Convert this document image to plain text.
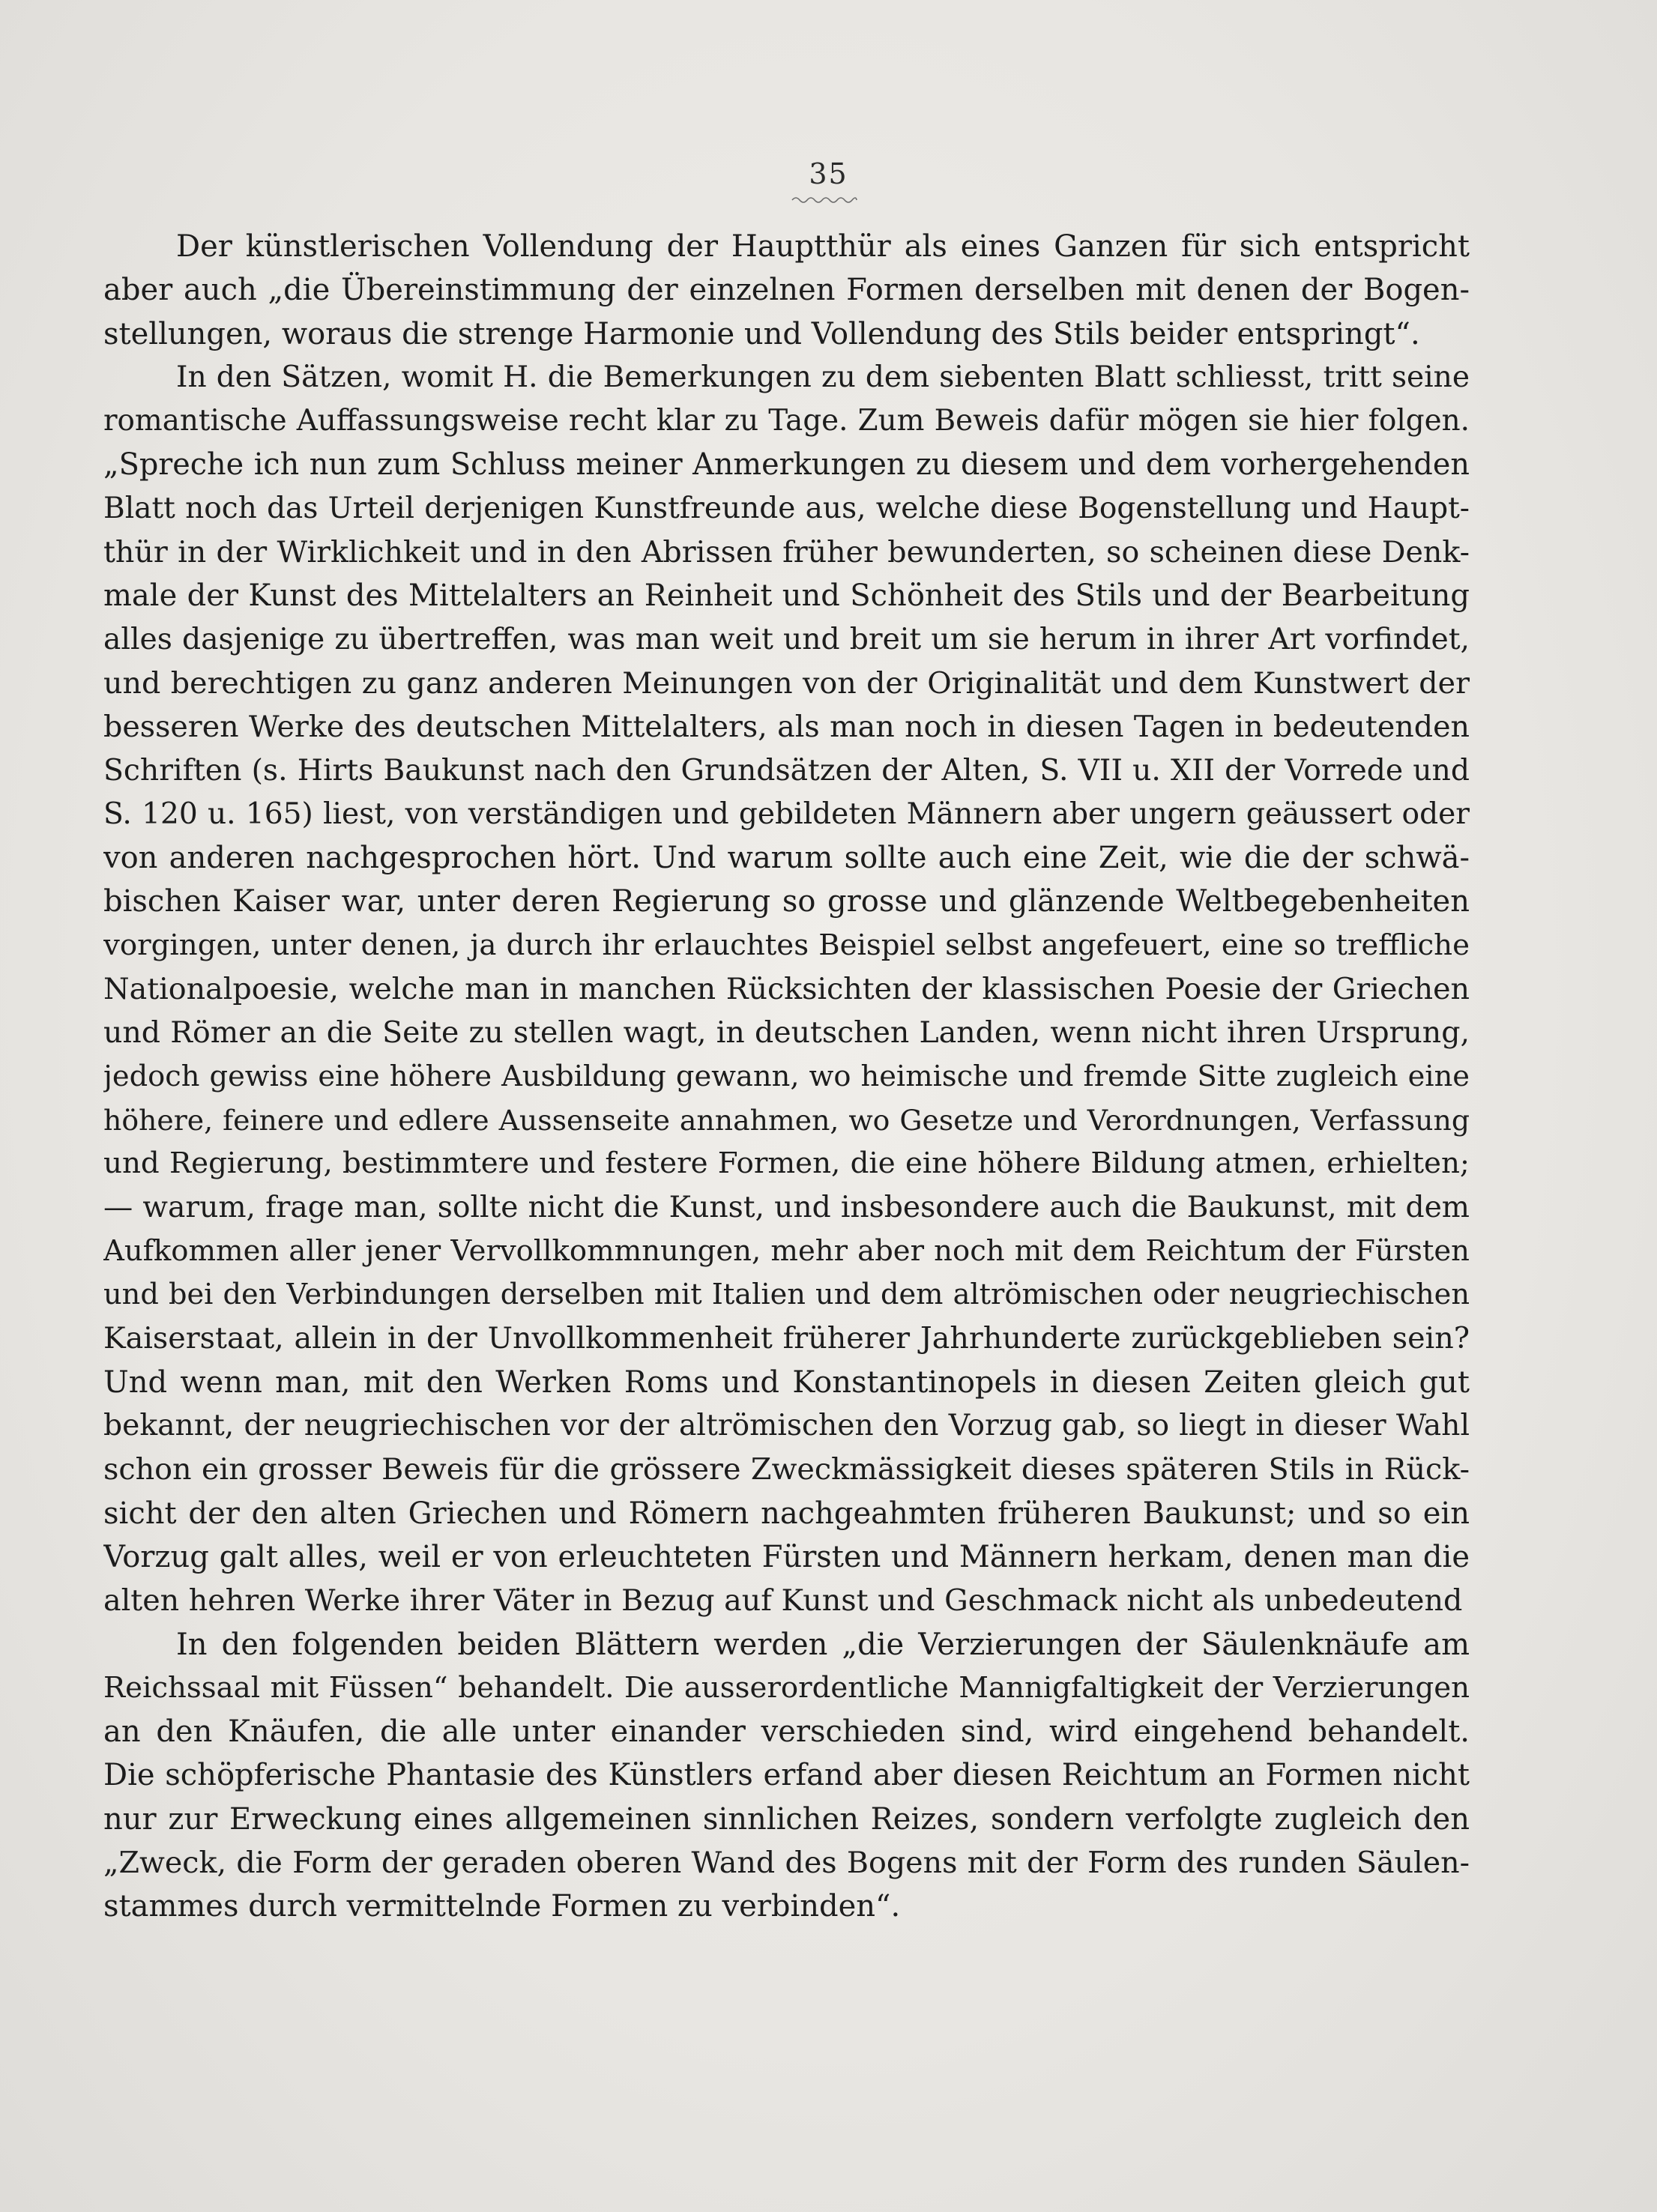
35
Der künstlerischen Vollendung der Hauptthür als eines Ganzen für sich entspricht
aber auch „die Übereinstimmung der einzelnen Formen derselben mit denen der Bogen-
stellungen, woraus die strenge Harmonie und Vollendung des Stils beider entspringt“.
In den Sätzen, womit H. die Bemerkungen zu dem siebenten Blatt schliesst, tritt seine
romantische Auffassungsweise recht klar zu Tage. Zum Beweis dafür mögen sie hier folgen.
„Spreche ich nun zum Schluss meiner Anmerkungen zu diesem und dem vorhergehenden
Blatt noch das Urteil derjenigen Kunstfreunde aus, welche diese Bogenstellung und Haupt-
thür in der Wirklichkeit und in den Abrissen früher bewunderten, so scheinen diese Denk-
male der Kunst des Mittelalters an Reinheit und Schönheit des Stils und der Bearbeitung
alles dasjenige zu übertreffen, was man weit und breit um sie herum in ihrer Art vorfindet,
und berechtigen zu ganz anderen Meinungen von der Originalität und dem Kunstwert der
besseren Werke des deutschen Mittelalters, als man noch in diesen Tagen in bedeutenden
Schriften (s. Hirts Baukunst nach den Grundsätzen der Alten, S. VII u. XII der Vorrede und
S. 120 u. 165) liest, von verständigen und gebildeten Männern aber ungern geäussert oder
von anderen nachgesprochen hört. Und warum sollte auch eine Zeit, wie die der schwä-
bischen Kaiser war, unter deren Regierung so grosse und glänzende Weltbegebenheiten
vorgingen, unter denen, ja durch ihr erlauchtes Beispiel selbst angefeuert, eine so treffliche
Nationalpoesie, welche man in manchen Rücksichten der klassischen Poesie der Griechen
und Römer an die Seite zu stellen wagt, in deutschen Landen, wenn nicht ihren Ursprung,
jedoch gewiss eine höhere Ausbildung gewann, wo heimische und fremde Sitte zugleich eine
höhere, feinere und edlere Aussenseite annahmen, wo Gesetze und Verordnungen, Verfassung
und Regierung, bestimmtere und festere Formen, die eine höhere Bildung atmen, erhielten;
— warum, frage man, sollte nicht die Kunst, und insbesondere auch die Baukunst, mit dem
Aufkommen aller jener Vervollkommnungen, mehr aber noch mit dem Reichtum der Fürsten
und bei den Verbindungen derselben mit Italien und dem altrömischen oder neugriechischen
Kaiserstaat, allein in der Unvollkommenheit früherer Jahrhunderte zurückgeblieben sein?
Und wenn man, mit den Werken Roms und Konstantinopels in diesen Zeiten gleich gut
bekannt, der neugriechischen vor der altrömischen den Vorzug gab, so liegt in dieser Wahl
schon ein grosser Beweis für die grössere Zweckmässigkeit dieses späteren Stils in Rück-
sicht der den alten Griechen und Römern nachgeahmten früheren Baukunst; und so ein
Vorzug galt alles, weil er von erleuchteten Fürsten und Männern herkam, denen man die
alten hehren Werke ihrer Väter in Bezug auf Kunst und Geschmack nicht als unbedeutend
In den folgenden beiden Blättern werden „die Verzierungen der Säulenknäufe am
Reichssaal mit Füssen“ behandelt. Die ausserordentliche Mannigfaltigkeit der Verzierungen
an den Knäufen, die alle unter einander verschieden sind, wird eingehend behandelt.
Die schöpferische Phantasie des Künstlers erfand aber diesen Reichtum an Formen nicht
nur zur Erweckung eines allgemeinen sinnlichen Reizes, sondern verfolgte zugleich den
„Zweck, die Form der geraden oberen Wand des Bogens mit der Form des runden Säulen-
stammes durch vermittelnde Formen zu verbinden“.
